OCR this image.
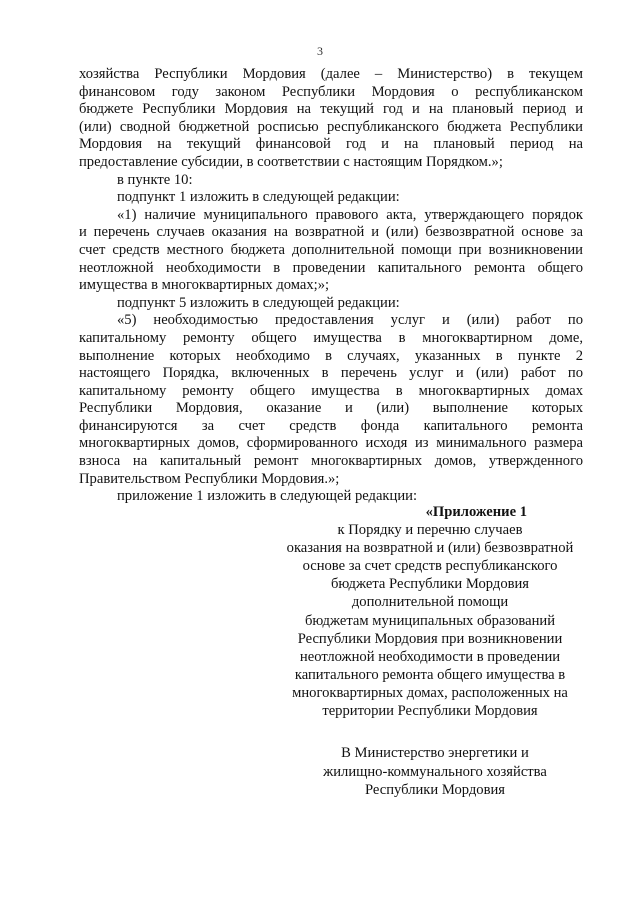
3
хозяйства Республики Мордовия (далее – Министерство) в текущем
финансовом году законом Республики Мордовия о республиканском
бюджете Республики Мордовия на текущий год и на плановый период и
(или) сводной бюджетной росписью республиканского бюджета Республики
Мордовия на текущий финансовой год и на плановый период на
предоставление субсидии, в соответствии с настоящим Порядком.»;
в пункте 10:
подпункт 1 изложить в следующей редакции:
«1) наличие муниципального правового акта, утверждающего порядок
и перечень случаев оказания на возвратной и (или) безвозвратной основе за
счет средств местного бюджета дополнительной помощи при возникновении
неотложной необходимости в проведении капитального ремонта общего
имущества в многоквартирных домах;»;
подпункт 5 изложить в следующей редакции:
«5) необходимостью предоставления услуг и (или) работ по
капитальному ремонту общего имущества в многоквартирном доме,
выполнение которых необходимо в случаях, указанных в пункте 2
настоящего Порядка, включенных в перечень услуг и (или) работ по
капитальному ремонту общего имущества в многоквартирных домах
Республики Мордовия, оказание и (или) выполнение которых
финансируются за счет средств фонда капитального ремонта
многоквартирных домов, сформированного исходя из минимального размера
взноса на капитальный ремонт многоквартирных домов, утвержденного
Правительством Республики Мордовия.»;
приложение 1 изложить в следующей редакции:
«Приложение 1
к Порядку и перечню случаев
оказания на возвратной и (или) безвозвратной
основе за счет средств республиканского
бюджета Республики Мордовия
дополнительной помощи
бюджетам муниципальных образований
Республики Мордовия при возникновении
неотложной необходимости в проведении
капитального ремонта общего имущества в
многоквартирных домах, расположенных на
территории Республики Мордовия
В Министерство энергетики и
жилищно-коммунального хозяйства
Республики Мордовия
